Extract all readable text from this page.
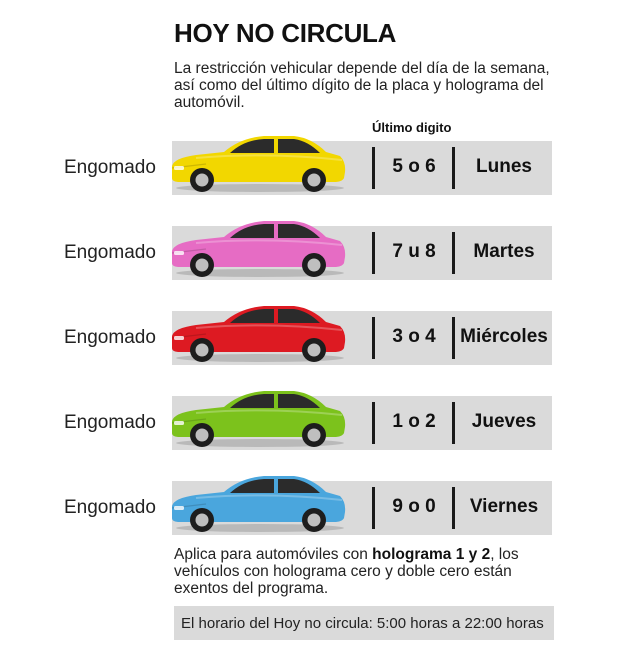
HOY NO CIRCULA
La restricción vehicular depende del día de la semana, así como del último dígito de la placa y holograma del automóvil.
Último digito
Engomado	5 o 6	Lunes
Engomado	7 u 8	Martes
Engomado	3 o 4	Miércoles
Engomado	1 o 2	Jueves
Engomado	9 o 0	Viernes
Aplica para automóviles con holograma 1 y 2, los vehículos con holograma cero y doble cero están exentos del programa.
El horario del Hoy no circula: 5:00 horas a 22:00 horas
